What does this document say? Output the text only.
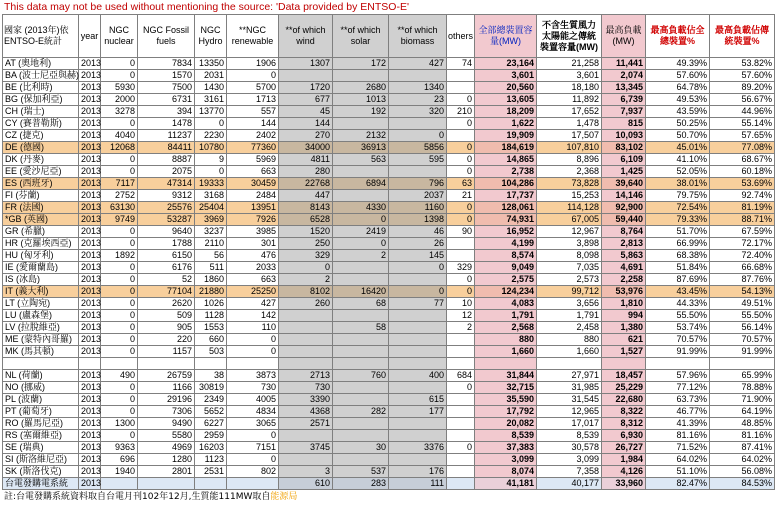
This data may not be used without mentioning the source: 'Data provided by ENTSO-E'
國家 (2013年)依ENTSO-E統計	year	NGC nuclear	NGC Fossil fuels	NGC Hydro	**NGC renewable	**of which wind	**of which solar	**of which biomass	others	全部總裝置容量(MW)	不含生質風力太陽能之傳統裝置容量(MW)	最高負載(MW)	最高負載佔全總裝置%	最高負載佔傳統裝置%
AT (奧地利)	2013	0	7834	13350	1906	1307	172	427	74	23,164	21,258	11,441	49.39%	53.82%
BA (波士尼亞與赫)	2013	0	1570	2031	0					3,601	3,601	2,074	57.60%	57.60%
BE (比利時)	2013	5930	7500	1430	5700	1720	2680	1340		20,560	18,180	13,345	64.78%	89.20%
BG (保加利亞)	2013	2000	6731	3161	1713	677	1013	23	0	13,605	11,892	6,739	49.53%	56.67%
CH (瑞士)	2013	3278	394	13770	557	45	192	320	210	18,209	17,652	7,937	43.59%	44.96%
CY (賽普勒斯)	2013	0	1478	0	144	144			0	1,622	1,478	815	50.25%	55.14%
CZ (捷克)	2013	4040	11237	2230	2402	270	2132	0		19,909	17,507	10,093	50.70%	57.65%
DE (德國)	2013	12068	84411	10780	77360	34000	36913	5856	0	184,619	107,810	83,102	45.01%	77.08%
DK (丹麥)	2013	0	8887	9	5969	4811	563	595	0	14,865	8,896	6,109	41.10%	68.67%
EE (愛沙尼亞)	2013	0	2075	0	663	280			0	2,738	2,368	1,425	52.05%	60.18%
ES (西班牙)	2013	7117	47314	19333	30459	22768	6894	796	63	104,286	73,828	39,640	38.01%	53.69%
FI (芬蘭)	2013	2752	9312	3168	2484	447		2037	21	17,737	15,253	14,146	79.75%	92.74%
FR (法國)	2013	63130	25576	25404	13951	8143	4330	1160	0	128,061	114,128	92,900	72.54%	81.19%
*GB (英國)	2013	9749	53287	3969	7926	6528	0	1398	0	74,931	67,005	59,440	79.33%	88.71%
GR (希臘)	2013	0	9640	3237	3985	1520	2419	46	90	16,952	12,967	8,764	51.70%	67.59%
HR (克羅埃西亞)	2013	0	1788	2110	301	250	0	26		4,199	3,898	2,813	66.99%	72.17%
HU (匈牙利)	2013	1892	6150	56	476	329	2	145		8,574	8,098	5,863	68.38%	72.40%
IE (愛爾蘭島)	2013	0	6176	511	2033	0		0	329	9,049	7,035	4,691	51.84%	66.68%
IS (冰島)	2013	0	52	1860	663	2			0	2,575	2,573	2,258	87.69%	87.76%
IT (義大利)	2013	0	77104	21880	25250	8102	16420	0	0	124,234	99,712	53,976	43.45%	54.13%
LT (立陶宛)	2013	0	2620	1026	427	260	68	77	10	4,083	3,656	1,810	44.33%	49.51%
LU (盧森堡)	2013	0	509	1128	142				12	1,791	1,791	994	55.50%	55.50%
LV (拉脫維亞)	2013	0	905	1553	110		58		2	2,568	2,458	1,380	53.74%	56.14%
ME (蒙特內哥羅)	2013	0	220	660	0					880	880	621	70.57%	70.57%
MK (馬其頓)	2013	0	1157	503	0					1,660	1,660	1,527	91.99%	91.99%

NL (荷蘭)	2013	490	26759	38	3873	2713	760	400	684	31,844	27,971	18,457	57.96%	65.99%
NO (挪威)	2013	0	1166	30819	730	730			0	32,715	31,985	25,229	77.12%	78.88%
PL (波蘭)	2013	0	29196	2349	4005	3390		615		35,590	31,545	22,680	63.73%	71.90%
PT (葡萄牙)	2013	0	7306	5652	4834	4368	282	177		17,792	12,965	8,322	46.77%	64.19%
RO (羅馬尼亞)	2013	1300	9490	6227	3065	2571				20,082	17,017	8,312	41.39%	48.85%
RS (塞爾維亞)	2013	0	5580	2959	0					8,539	8,539	6,930	81.16%	81.16%
SE (瑞典)	2013	9363	4969	16203	7151	3745	30	3376	0	37,383	30,578	26,727	71.52%	87.41%
SI (斯洛維尼亞)	2013	696	1280	1123	0					3,099	3,099	1,984	64.02%	64.02%
SK (斯洛伐克)	2013	1940	2801	2531	802	3	537	176		8,074	7,358	4,126	51.10%	56.08%
台電發購電系統	2013					610	283	111		41,181	40,177	33,960	82.47%	84.53%
註:台電發購系統資料取自台電月刊102年12月,生質能111MW取自能源局
